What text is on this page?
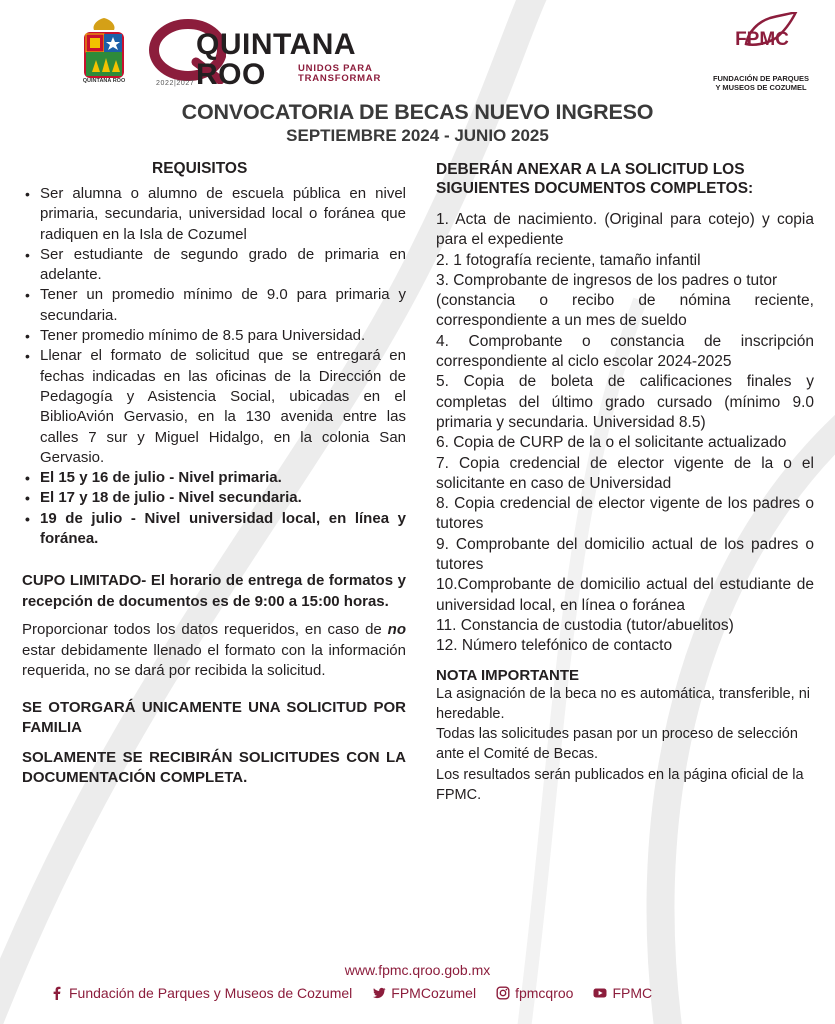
QUINTANA ROO
QUINTANA
ROO	UNIDOS PARA
TRANSFORMAR
2022|2027
FPMC
FUNDACIÓN DE PARQUES
Y MUSEOS DE COZUMEL
CONVOCATORIA DE BECAS NUEVO INGRESO
SEPTIEMBRE 2024 - JUNIO 2025
REQUISITOS
• Ser alumna o alumno de escuela pública en nivel primaria, secundaria, universidad local o foránea que radiquen en la Isla de Cozumel
• Ser estudiante de segundo grado de primaria en adelante.
• Tener un promedio mínimo de 9.0 para primaria y secundaria.
• Tener promedio mínimo de 8.5 para Universidad.
• Llenar el formato de solicitud que se entregará en fechas indicadas en las oficinas de la Dirección de Pedagogía y Asistencia Social, ubicadas en el BiblioAvión Gervasio, en la 130 avenida entre las calles 7 sur y Miguel Hidalgo, en la colonia San Gervasio.
• El 15 y 16 de julio - Nivel primaria.
• El 17 y 18 de julio - Nivel secundaria.
• 19 de julio - Nivel universidad local, en línea y foránea.

CUPO LIMITADO- El horario de entrega de formatos y recepción de documentos es de 9:00 a 15:00 horas.

Proporcionar todos los datos requeridos, en caso de no estar debidamente llenado el formato con la información requerida, no se dará por recibida la solicitud.

SE OTORGARÁ UNICAMENTE UNA SOLICITUD POR FAMILIA

SOLAMENTE SE RECIBIRÁN SOLICITUDES CON LA DOCUMENTACIÓN COMPLETA.

DEBERÁN ANEXAR A LA SOLICITUD LOS SIGUIENTES DOCUMENTOS COMPLETOS:
1. Acta de nacimiento. (Original para cotejo) y copia para el expediente
2. 1 fotografía reciente, tamaño infantil
3. Comprobante de ingresos de los padres o tutor
(constancia o recibo de nómina reciente, correspondiente a un mes de sueldo
4. Comprobante o constancia de inscripción correspondiente al ciclo escolar 2024-2025
5. Copia de boleta de calificaciones finales y completas del último grado cursado (mínimo 9.0 primaria y secundaria. Universidad 8.5)
6. Copia de CURP de la o el solicitante actualizado
7. Copia credencial de elector vigente de la o el solicitante en caso de Universidad
8. Copia credencial de elector vigente de los padres o tutores
9. Comprobante del domicilio actual de los padres o tutores
10.Comprobante de domicilio actual del estudiante de universidad local, en línea o foránea
11. Constancia de custodia (tutor/abuelitos)
12. Número telefónico de contacto
NOTA IMPORTANTE

La asignación de la beca no es automática, transferible, ni heredable.

Todas las solicitudes pasan por un proceso de selección ante el Comité de Becas.

Los resultados serán publicados en la página oficial de la FPMC.

www.fpmc.qroo.gob.mx
Fundación de Parques y Museos de Cozumel	FPMCozumel	fpmcqroo	FPMC
